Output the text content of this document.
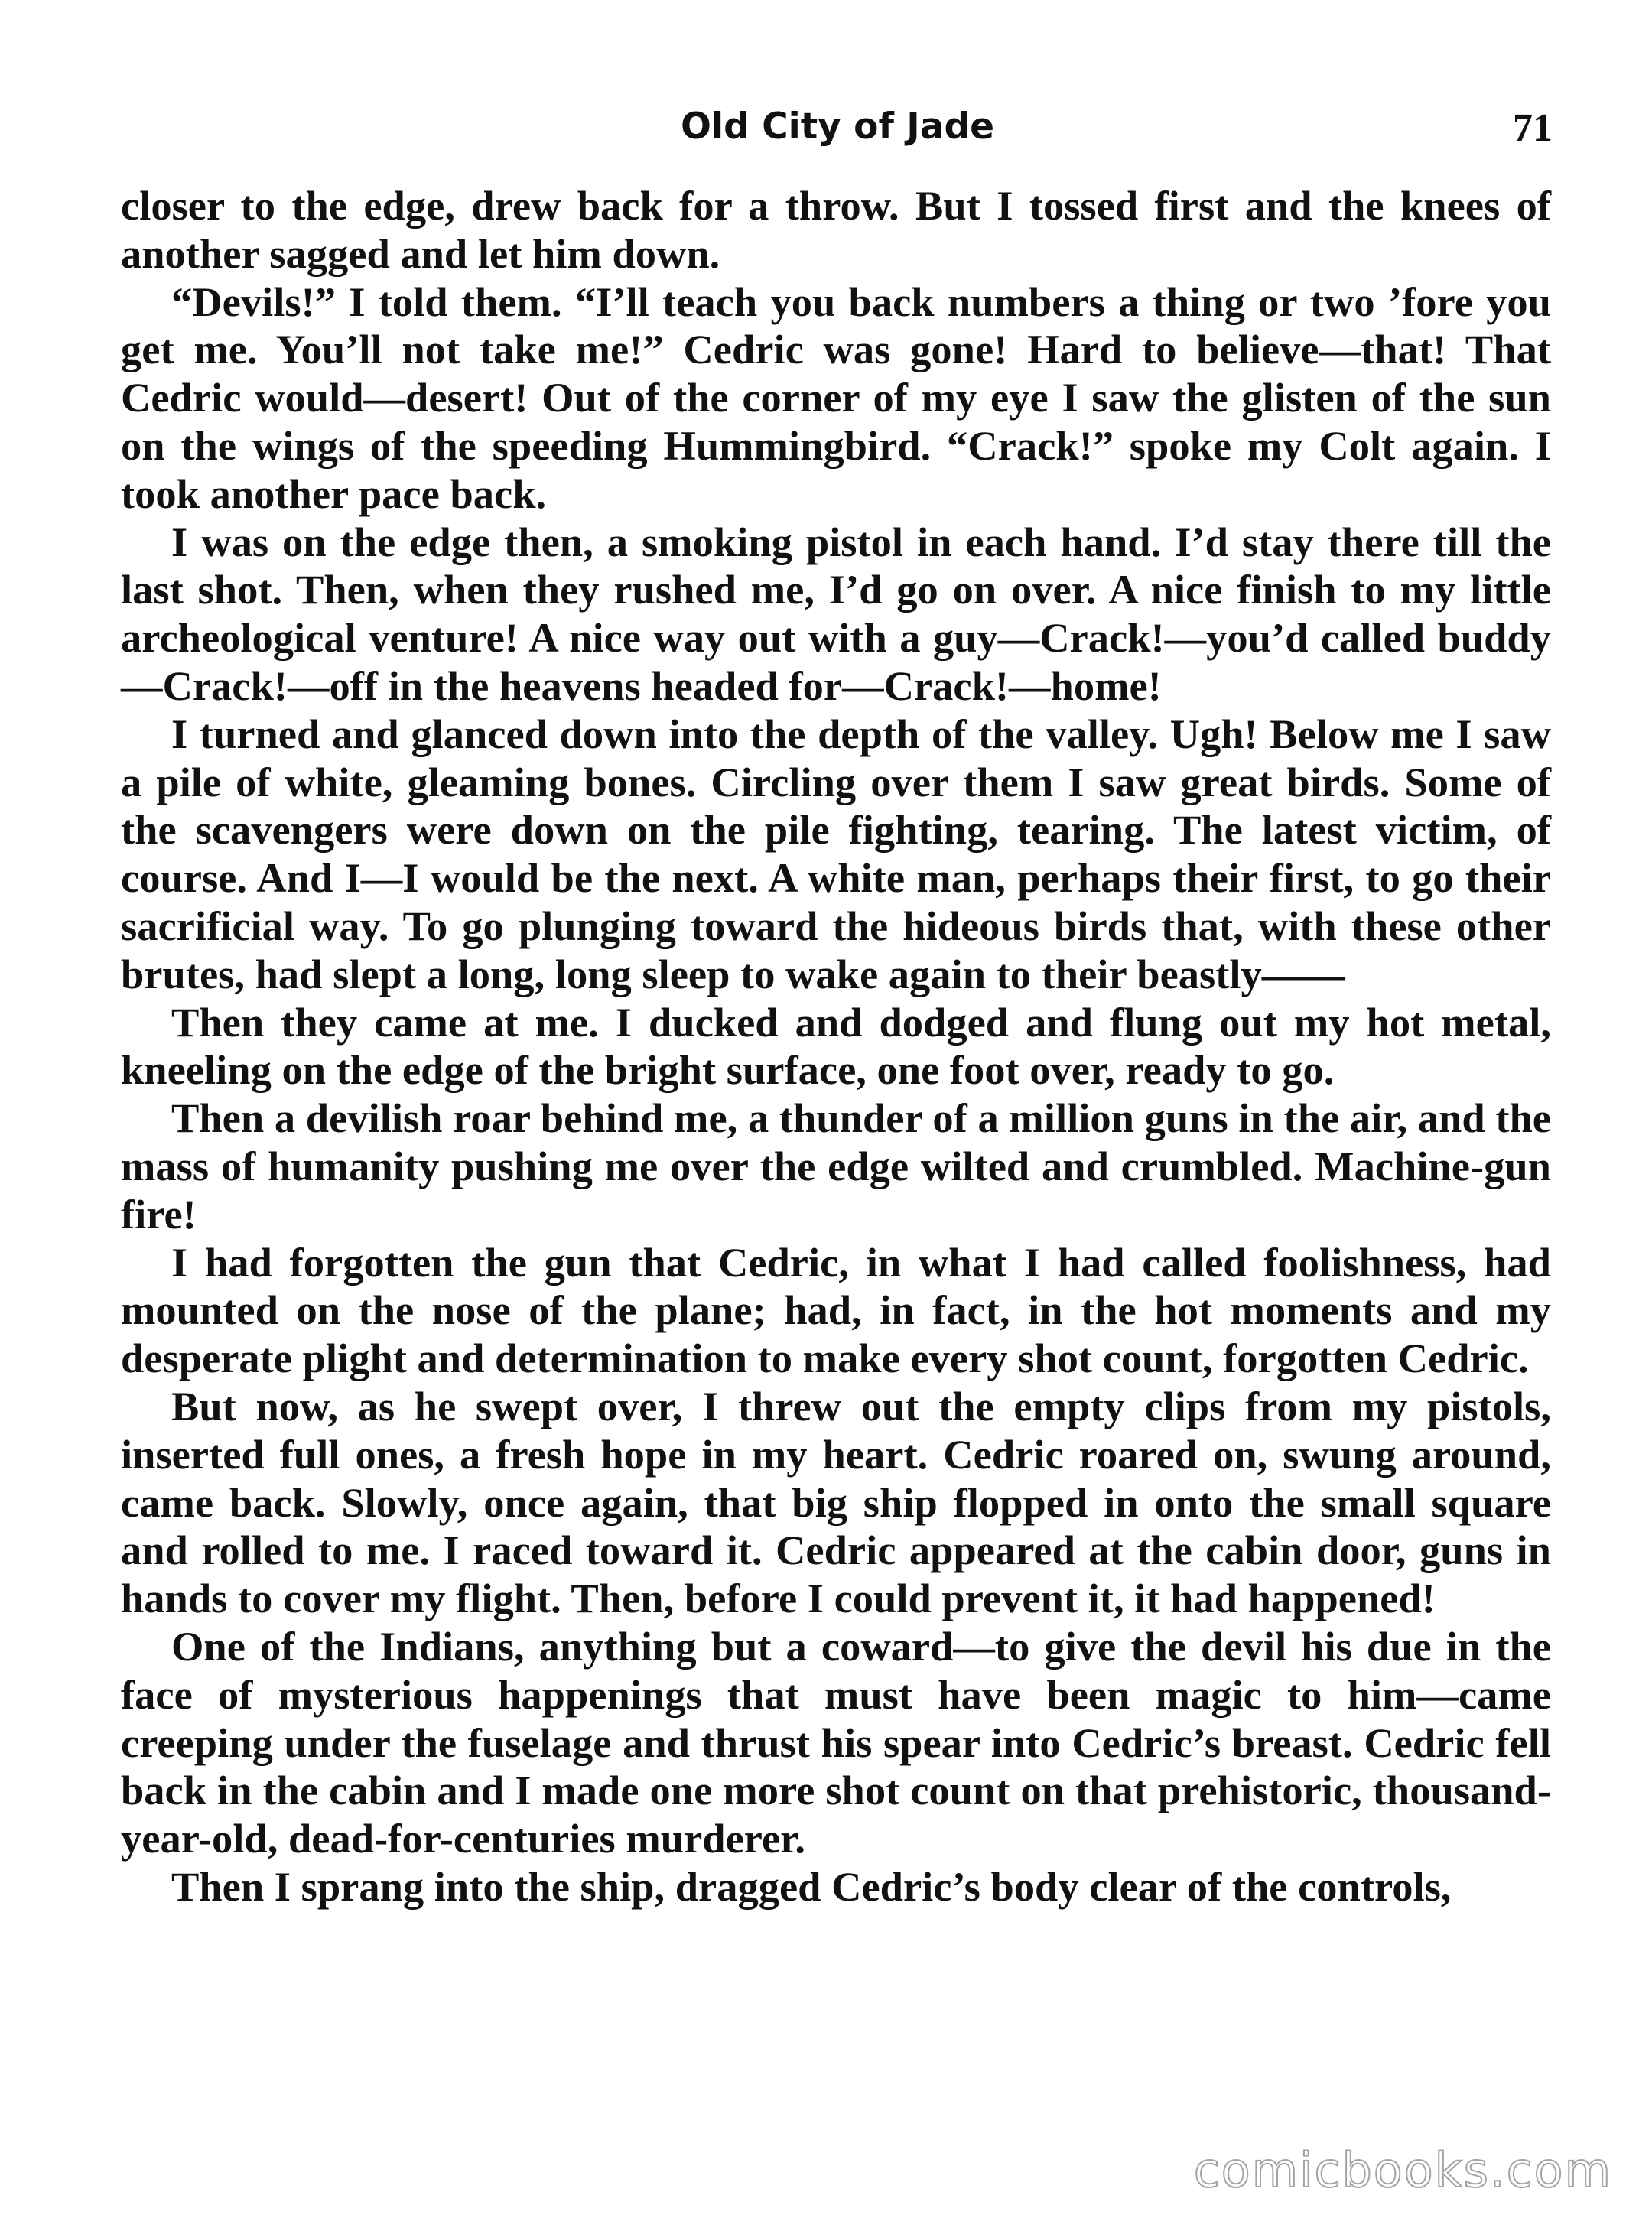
Old City of Jade	71

closer to the edge, drew back for a throw. But I tossed first and the knees of another sagged and let him down.

“Devils!” I told them. “I’ll teach you back numbers a thing or two ’fore you get me. You’ll not take me!” Cedric was gone! Hard to believe—that! That Cedric would—desert! Out of the corner of my eye I saw the glisten of the sun on the wings of the speeding Hummingbird. “Crack!” spoke my Colt again. I took another pace back.

I was on the edge then, a smoking pistol in each hand. I’d stay there till the last shot. Then, when they rushed me, I’d go on over. A nice finish to my little archeological venture! A nice way out with a guy—Crack!—you’d called buddy—Crack!—off in the heavens headed for—Crack!—home!

I turned and glanced down into the depth of the valley. Ugh! Below me I saw a pile of white, gleaming bones. Circling over them I saw great birds. Some of the scavengers were down on the pile fighting, tearing. The latest victim, of course. And I—I would be the next. A white man, perhaps their first, to go their sacrificial way. To go plunging toward the hideous birds that, with these other brutes, had slept a long, long sleep to wake again to their beastly——

Then they came at me. I ducked and dodged and flung out my hot metal, kneeling on the edge of the bright surface, one foot over, ready to go.

Then a devilish roar behind me, a thunder of a million guns in the air, and the mass of humanity pushing me over the edge wilted and crumbled. Machine-gun fire!

I had forgotten the gun that Cedric, in what I had called foolishness, had mounted on the nose of the plane; had, in fact, in the hot moments and my desperate plight and determination to make every shot count, forgotten Cedric.

But now, as he swept over, I threw out the empty clips from my pistols, inserted full ones, a fresh hope in my heart. Cedric roared on, swung around, came back. Slowly, once again, that big ship flopped in onto the small square and rolled to me. I raced toward it. Cedric appeared at the cabin door, guns in hands to cover my flight. Then, before I could prevent it, it had happened!

One of the Indians, anything but a coward—to give the devil his due in the face of mysterious happenings that must have been magic to him—came creeping under the fuselage and thrust his spear into Cedric’s breast. Cedric fell back in the cabin and I made one more shot count on that prehistoric, thousand-year-old, dead-for-centuries murderer.

Then I sprang into the ship, dragged Cedric’s body clear of the controls,

comicbooks.com
